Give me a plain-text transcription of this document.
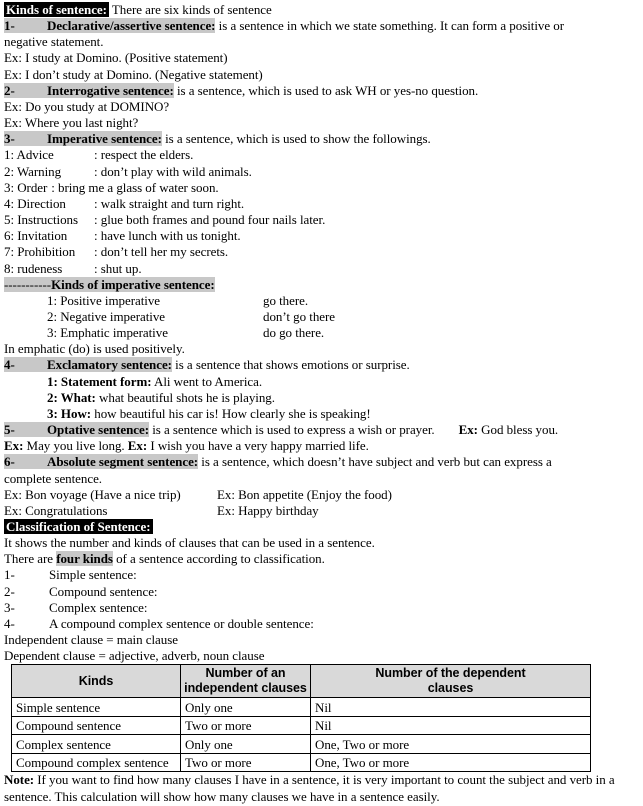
Kinds of sentence: There are six kinds of sentence
1- Declarative/assertive sentence: is a sentence in which we state something. It can form a positive or
negative statement.
Ex: I study at Domino. (Positive statement)
Ex: I don’t study at Domino. (Negative statement)
2- Interrogative sentence: is a sentence, which is used to ask WH or yes-no question.
Ex: Do you study at DOMINO?
Ex: Where you last night?
3- Imperative sentence: is a sentence, which is used to show the followings.
1: Advice	: respect the elders.
2: Warning	: don’t play with wild animals.
3: Order : bring me a glass of water soon.
4: Direction : walk straight and turn right.
5: Instructions : glue both frames and pound four nails later.
6: Invitation : have lunch with us tonight.
7: Prohibition : don’t tell her my secrets.
8: rudeness : shut up.
-----------Kinds of imperative sentence:
1: Positive imperative	go there.
2: Negative imperative	don’t go there
3: Emphatic imperative	do go there.
In emphatic (do) is used positively.
4- Exclamatory sentence: is a sentence that shows emotions or surprise.
1: Statement form: Ali went to America.
2: What: what beautiful shots he is playing.
3: How: how beautiful his car is! How clearly she is speaking!
5- Optative sentence: is a sentence which is used to express a wish or prayer. Ex: God bless you.
Ex: May you live long. Ex: I wish you have a very happy married life.
6- Absolute segment sentence: is a sentence, which doesn’t have subject and verb but can express a
complete sentence.
Ex: Bon voyage (Have a nice trip)	Ex: Bon appetite (Enjoy the food)
Ex: Congratulations	Ex: Happy birthday
Classification of Sentence:
It shows the number and kinds of clauses that can be used in a sentence.
There are four kinds of a sentence according to classification.
1-	Simple sentence:
2-	Compound sentence:
3-	Complex sentence:
4-	A compound complex sentence or double sentence:
Independent clause = main clause
Dependent clause = adjective, adverb, noun clause
Kinds	Number of an independent clauses	Number of the dependent clauses
Simple sentence	Only one	Nil
Compound sentence	Two or more	Nil
Complex sentence	Only one	One, Two or more
Compound complex sentence	Two or more	One, Two or more
Note: If you want to find how many clauses I have in a sentence, it is very important to count the subject and verb in a sentence. This calculation will show how many clauses we have in a sentence easily.
